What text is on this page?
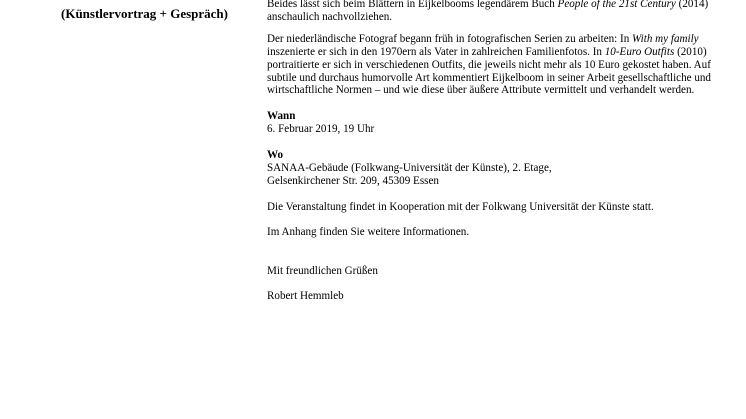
(Künstlervortrag + Gespräch)

Beides lässt sich beim Blättern in Eijkelbooms legendärem Buch People of the 21st Century (2014) anschaulich nachvollziehen.

Der niederländische Fotograf begann früh in fotografischen Serien zu arbeiten: In With my family inszenierte er sich in den 1970ern als Vater in zahlreichen Familienfotos. In 10-Euro Outfits (2010) portraitierte er sich in verschiedenen Outfits, die jeweils nicht mehr als 10 Euro gekostet haben. Auf subtile und durchaus humorvolle Art kommentiert Eijkelboom in seiner Arbeit gesellschaftliche und wirtschaftliche Normen – und wie diese über äußere Attribute vermittelt und verhandelt werden.

Wann
6. Februar 2019, 19 Uhr

Wo
SANAA-Gebäude (Folkwang-Universität der Künste), 2. Etage,
Gelsenkirchener Str. 209, 45309 Essen

Die Veranstaltung findet in Kooperation mit der Folkwang Universität der Künste statt.

Im Anhang finden Sie weitere Informationen.

Mit freundlichen Grüßen

Robert Hemmleb
